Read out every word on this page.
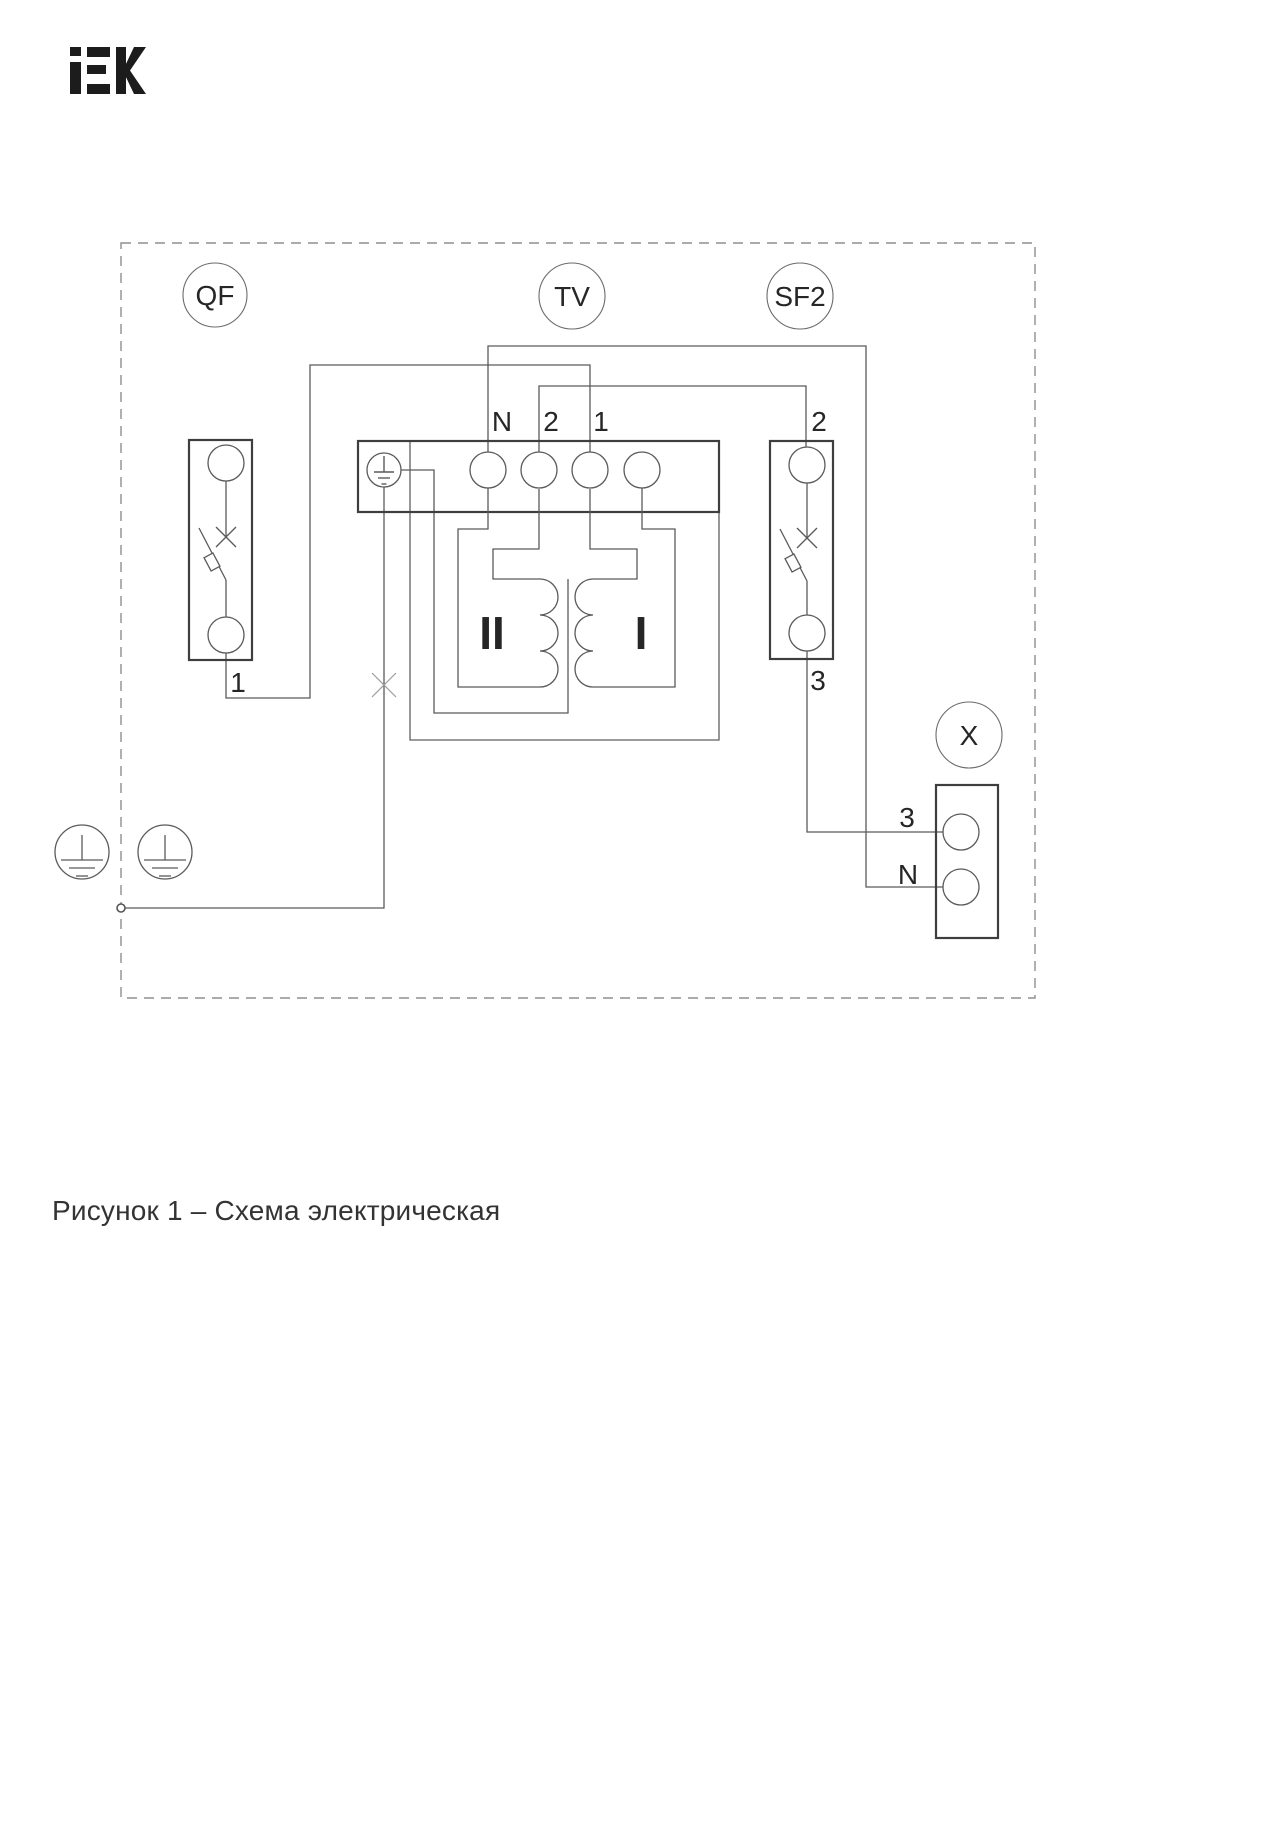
QF	TV	SF2
X
N 2 1	2
3
1
3
N
II	I
Рисунок 1 – Схема электрическая
